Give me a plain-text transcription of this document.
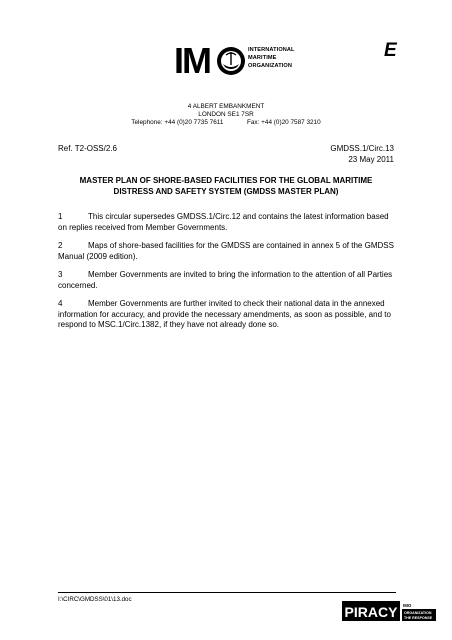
E
IM	INTERNATIONAL
MARITIME
ORGANIZATION
4 ALBERT EMBANKMENT
LONDON SE1 7SR
Telephone: +44 (0)20 7735 7611	Fax: +44 (0)20 7587 3210
Ref. T2-OSS/2.6	GMDSS.1/Circ.13
23 May 2011
MASTER PLAN OF SHORE-BASED FACILITIES FOR THE GLOBAL MARITIME
DISTRESS AND SAFETY SYSTEM (GMDSS MASTER PLAN)
1	This circular supersedes GMDSS.1/Circ.12 and contains the latest information based on replies received from Member Governments.
2	Maps of shore-based facilities for the GMDSS are contained in annex 5 of the GMDSS Manual (2009 edition).
3	Member Governments are invited to bring the information to the attention of all Parties concerned.
4	Member Governments are further invited to check their national data in the annexed information for accuracy, and provide the necessary amendments, as soon as possible, and to respond to MSC.1/Circ.1382, if they have not already done so.
I:\CIRC\GMDSS\01\13.doc
PIRACY IMO
ORGANIZATION
THE RESPONSE
